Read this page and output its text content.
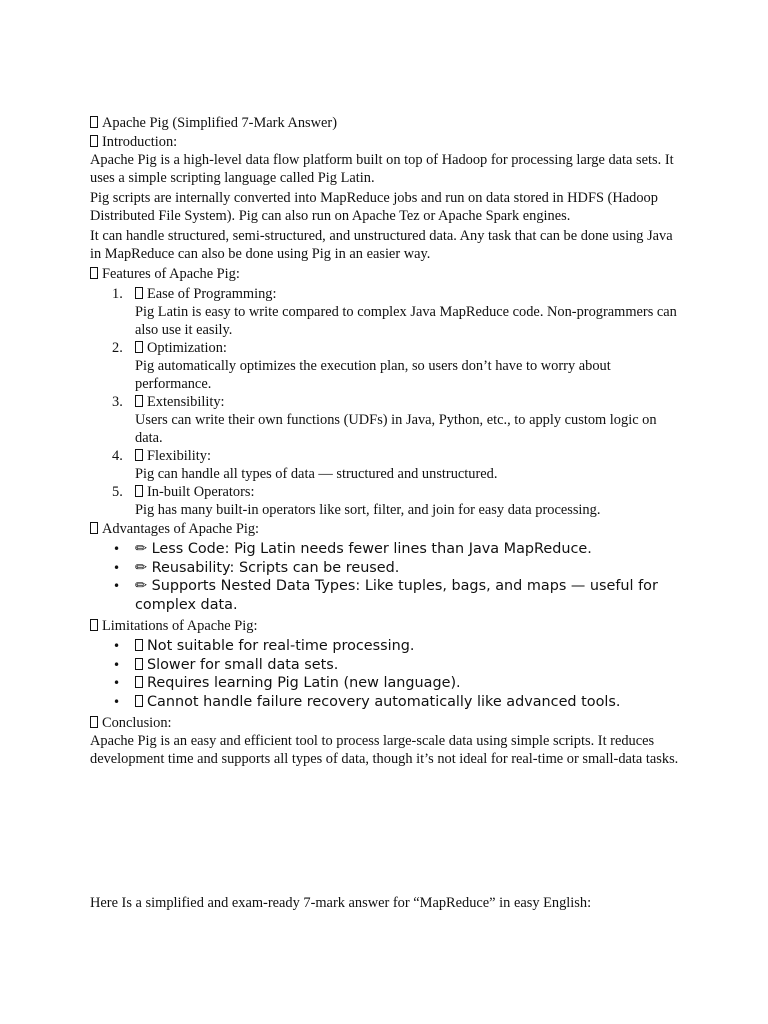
Apache Pig (Simplified 7-Mark Answer)

Introduction:

Apache Pig is a high-level data flow platform built on top of Hadoop for processing large data sets. It uses a simple scripting language called Pig Latin.

Pig scripts are internally converted into MapReduce jobs and run on data stored in HDFS (Hadoop Distributed File System). Pig can also run on Apache Tez or Apache Spark engines.

It can handle structured, semi-structured, and unstructured data. Any task that can be done using Java in MapReduce can also be done using Pig in an easier way.

Features of Apache Pig:

1.	Ease of Programming:
Pig Latin is easy to write compared to complex Java MapReduce code. Non-programmers can also use it easily.
2.	Optimization:
Pig automatically optimizes the execution plan, so users don’t have to worry about performance.
3.	Extensibility:
Users can write their own functions (UDFs) in Java, Python, etc., to apply custom logic on data.
4.	Flexibility:
Pig can handle all types of data — structured and unstructured.
5.	In-built Operators:
Pig has many built-in operators like sort, filter, and join for easy data processing.

Advantages of Apache Pig:

• ✏ Less Code: Pig Latin needs fewer lines than Java MapReduce.
• ✏ Reusability: Scripts can be reused.
• ✏ Supports Nested Data Types: Like tuples, bags, and maps — useful for complex data.

Limitations of Apache Pig:

• Not suitable for real-time processing.
• Slower for small data sets.
• Requires learning Pig Latin (new language).
• Cannot handle failure recovery automatically like advanced tools.

Conclusion:

Apache Pig is an easy and efficient tool to process large-scale data using simple scripts. It reduces development time and supports all types of data, though it’s not ideal for real-time or small-data tasks.

Here Is a simplified and exam-ready 7-mark answer for “MapReduce” in easy English:
